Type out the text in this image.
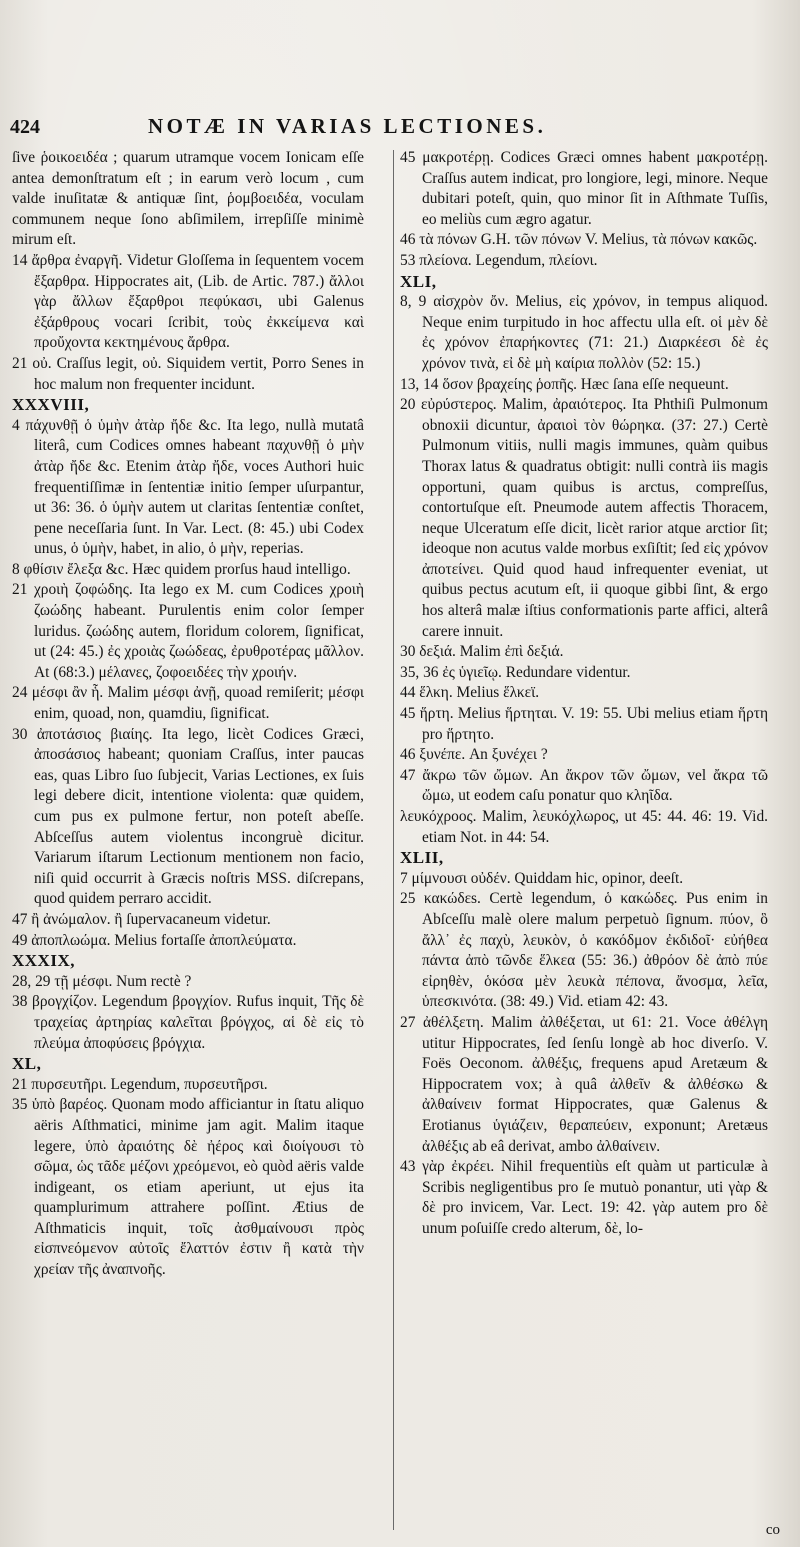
424	NOTÆ IN VARIAS LECTIONES.

ſive ῥοικοειδέα ; quarum utramque vocem Ionicam eſſe antea demonſtratum eſt ; in earum verò locum , cum valde inuſitatæ & antiquæ ſint, ῥομβοειδέα, voculam communem neque ſono abſimilem, irrepſiſſe minimè mirum eſt.

14 ἄρθρα ἐναργῆ. Videtur Gloſſema in ſequentem vocem ἔξαρθρα. Hippocrates ait, (Lib. de Artic. 787.) ἄλλοι γὰρ ἄλλων ἔξαρθροι πεφύκασι, ubi Galenus ἐξάρθρους vocari ſcribit, τοὺς ἐκκείμενα καὶ προὔχοντα κεκτημένους ἄρθρα.

21 οὐ. Craſſus legit, οὐ. Siquidem vertit, Porro Senes in hoc malum non frequenter incidunt.

XXXVIII,

4 πάχυνθῇ ὁ ὑμὴν ἀτὰρ ἤδε &c. Ita lego, nullà mutatâ literâ, cum Codices omnes habeant παχυνθῇ ὁ μὴν ἀτὰρ ἤδε &c. Etenim ἀτὰρ ἤδε, voces Authori huic frequentiſſimæ in ſententiæ initio ſemper uſurpantur, ut 36: 36. ὁ ὑμὴν autem ut claritas ſententiæ conſtet, pene neceſſaria ſunt. In Var. Lect. (8: 45.) ubi Codex unus, ὁ ὑμὴν, habet, in alio, ὁ μὴν, reperias.

8 φθίσιν ἔλεξα &c. Hæc quidem prorſus haud intelligo.

21 χροιὴ ζοφώδης. Ita lego ex M. cum Codices χροιὴ ζωώδης habeant. Purulentis enim color ſemper luridus. ζωώδης autem, floridum colorem, ſignificat, ut (24: 45.) ἐς χροιὰς ζωώδεας, ἐρυθροτέρας μᾶλλον. At (68:3.) μέλανες, ζοφοειδέες τὴν χροιήν.

24 μέσφι ἂν ἧ. Malim μέσφι ἀνῇ, quoad remiſerit; μέσφι enim, quoad, non, quamdiu, ſignificat.

30 ἀποτάσιος βιαίης. Ita lego, licèt Codices Græci, ἀποσάσιος habeant; quoniam Craſſus, inter paucas eas, quas Libro ſuo ſubjecit, Varias Lectiones, ex ſuis legi debere dicit, intentione violenta: quæ quidem, cum pus ex pulmone fertur, non poteſt abeſſe. Abſceſſus autem violentus incongruè dicitur. Variarum iſtarum Lectionum mentionem non facio, niſi quid occurrit à Græcis noſtris MSS. diſcrepans, quod quidem perraro accidit.

47 ἢ ἀνώμαλον. ἢ ſupervacaneum videtur.

49 ἀποπλωώμα. Melius fortaſſe ἀποπλεύματα.

XXXIX,

28, 29 τῇ μέσφι. Num rectè ?

38 βρογχίζον. Legendum βρογχίον. Rufus inquit, Τῆς δὲ τραχείας ἀρτηρίας καλεῖται βρόγχος, αἱ δὲ εἰς τὸ πλεύμα ἀποφύσεις βρόγχια.

XL,

21 πυρσευτῆρι. Legendum, πυρσευτῆρσι.

35 ὑπὸ βαρέος. Quonam modo afficiantur in ſtatu aliquo aëris Aſthmatici, minime jam agit. Malim itaque legere, ὑπὸ ἀραιότης δὲ ἠέρος καὶ διοίγουσι τὸ σῶμα, ὡς τᾶδε μέζονι χρεόμενοι, eò quòd aëris valde indigeant, os etiam aperiunt, ut ejus ita quamplurimum attrahere poſſint. Ætius de Aſthmaticis inquit, τοῖς ἀσθμαίνουσι πρὸς εἰσπνεόμενον αὐτοῖς ἔλαττόν ἐστιν ἢ κατὰ τὴν χρείαν τῆς ἀναπνοῆς.

45 μακροτέρῃ. Codices Græci omnes habent μακροτέρῃ. Craſſus autem indicat, pro longiore, legi, minore. Neque dubitari poteſt, quin, quo minor ſit in Aſthmate Tuſſis, eo meliùs cum ægro agatur.

46 τὰ πόνων G.H. τῶν πόνων V. Melius, τὰ πόνων κακῶς.

53 πλείονα. Legendum, πλείονι.

XLI,

8, 9 αἰσχρὸν ὄν. Melius, εἰς χρόνον, in tempus aliquod. Neque enim turpitudo in hoc affectu ulla eſt. οἱ μὲν δὲ ἐς χρόνον ἐπαρήκοντες (71: 21.) Διαρκέεσι δὲ ἐς χρόνον τινὰ, εἰ δὲ μὴ καίρια πολλὸν (52: 15.)

13, 14 ὅσον βραχείης ῥοπῆς. Hæc ſana eſſe nequeunt.

20 εὐρύστερος. Malim, ἀραιότερος. Ita Phthiſi Pulmonum obnoxii dicuntur, ἀραιοὶ τὸν θώρηκα. (37: 27.) Certè Pulmonum vitiis, nulli magis immunes, quàm quibus Thorax latus & quadratus obtigit: nulli contrà iis magis opportuni, quam quibus is arctus, compreſſus, contortuſque eſt. Pneumode autem affectis Thoracem, neque Ulceratum eſſe dicit, licèt rarior atque arctior ſit; ideoque non acutus valde morbus exſiſtit; ſed εἰς χρόνον ἀποτείνει. Quid quod haud infrequenter eveniat, ut quibus pectus acutum eſt, ii quoque gibbi ſint, & ergo hos alterâ malæ iſtius conformationis parte affici, alterâ carere innuit.

30 δεξιά. Malim ἐπὶ δεξιά.

35, 36 ἐς ὑγιεῖῳ. Redundare videntur.

44 ἕλκη. Melius ἕλκεϊ.

45 ἥρτη. Melius ἥρτηται. V. 19: 55. Ubi melius etiam ἥρτη pro ἥρτητο.

46 ξυνέπε. An ξυνέχει ?

47 ἄκρω τῶν ὤμων. An ἄκρον τῶν ὤμων, vel ἄκρα τῶ ὤμω, ut eodem caſu ponatur quo κληῖδα.

λευκόχροος. Malim, λευκόχλωρος, ut 45: 44. 46: 19. Vid. etiam Not. in 44: 54.

XLII,

7 μίμνουσι οὐδέν. Quiddam hic, opinor, deeſt.

25 κακώδεs. Certè legendum, ὁ κακώδες. Pus enim in Abſceſſu malè olere malum perpetuò ſignum. πύον, ὃ ἄλλ᾽ ἐς παχὺ, λευκὸν, ὁ κακόδμον ἐκδιδοῖ· εὐήθεα πάντα ἀπὸ τῶνδε ἕλκεα (55: 36.) ἀθρόον δὲ ἀπὸ πύε εἰρηθὲν, ὁκόσα μὲν λευκὰ πέπονα, ἄνοσμα, λεῖα, ὑπεσκινότα. (38: 49.) Vid. etiam 42: 43.

27 ἀθέλξετη. Malim ἀλθέξεται, ut 61: 21. Voce ἀθέλγη utitur Hippocrates, ſed ſenſu longè ab hoc diverſo. V. Foës Oeconom. ἀλθέξις, frequens apud Aretæum & Hippocratem vox; à quâ ἀλθεῖν & ἀλθέσκω & ἀλθαίνειν format Hippocrates, quæ Galenus & Erotianus ὑγιάζειν, θεραπεύειν, exponunt; Aretæus ἀλθέξις ab eâ derivat, ambo ἀλθαίνειν.

43 γὰρ ἐκρέει. Nihil frequentiùs eſt quàm ut particulæ à Scribis negligentibus pro ſe mutuò ponantur, uti γὰρ & δὲ pro invicem, Var. Lect. 19: 42. γὰρ autem pro δὲ unum poſuiſſe credo alterum, δὲ, lo-

co
